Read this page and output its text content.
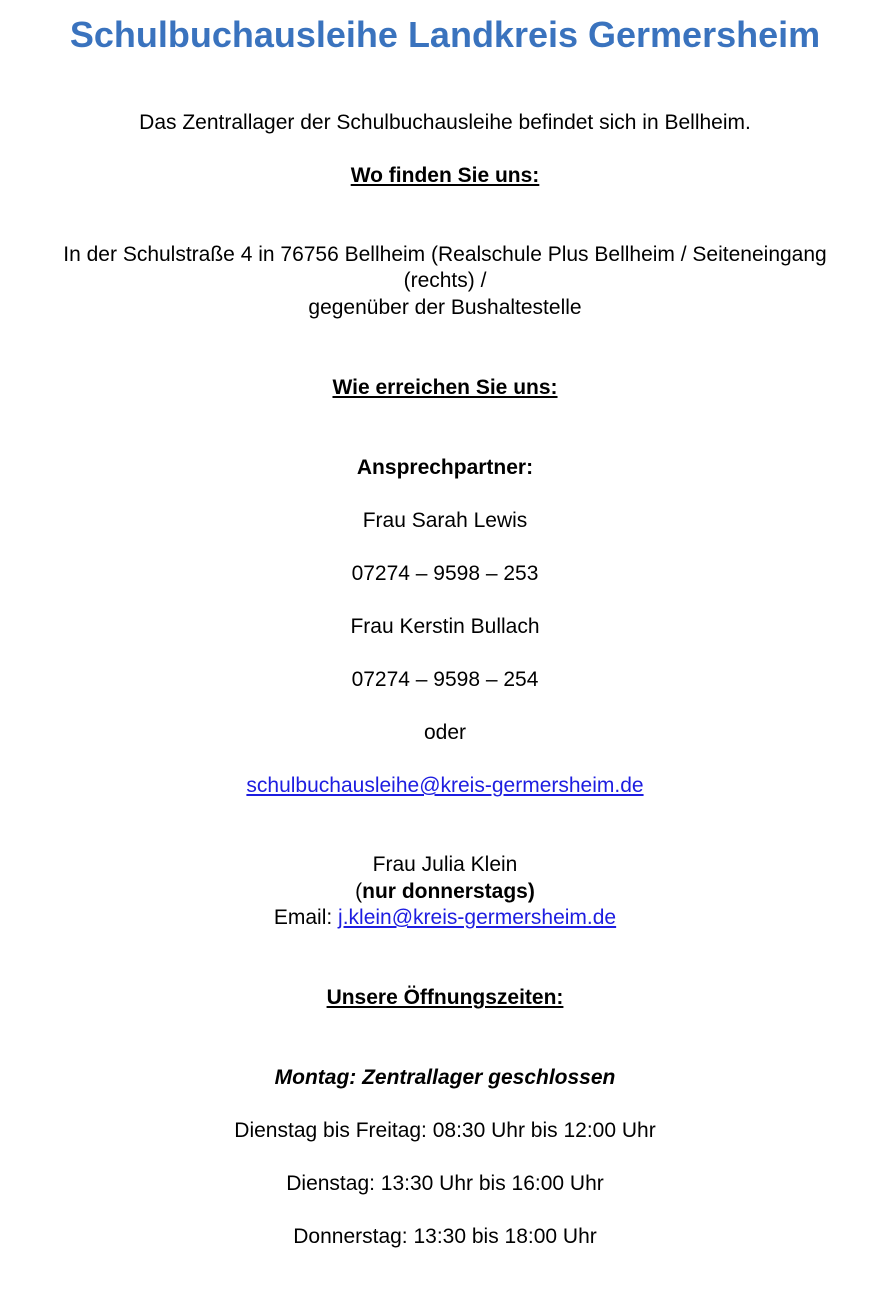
Schulbuchausleihe Landkreis Germersheim
Das Zentrallager der Schulbuchausleihe befindet sich in Bellheim.
Wo finden Sie uns:
In der Schulstraße 4 in 76756 Bellheim (Realschule Plus Bellheim / Seiteneingang
(rechts) /
gegenüber der Bushaltestelle
Wie erreichen Sie uns:
Ansprechpartner:
Frau Sarah Lewis
07274 – 9598 – 253
Frau Kerstin Bullach
07274 – 9598 – 254
oder
schulbuchausleihe@kreis-germersheim.de
Frau Julia Klein
(nur donnerstags)
Email: j.klein@kreis-germersheim.de
Unsere Öffnungszeiten:
Montag: Zentrallager geschlossen
Dienstag bis Freitag: 08:30 Uhr bis 12:00 Uhr
Dienstag: 13:30 Uhr bis 16:00 Uhr
Donnerstag: 13:30 bis 18:00 Uhr
